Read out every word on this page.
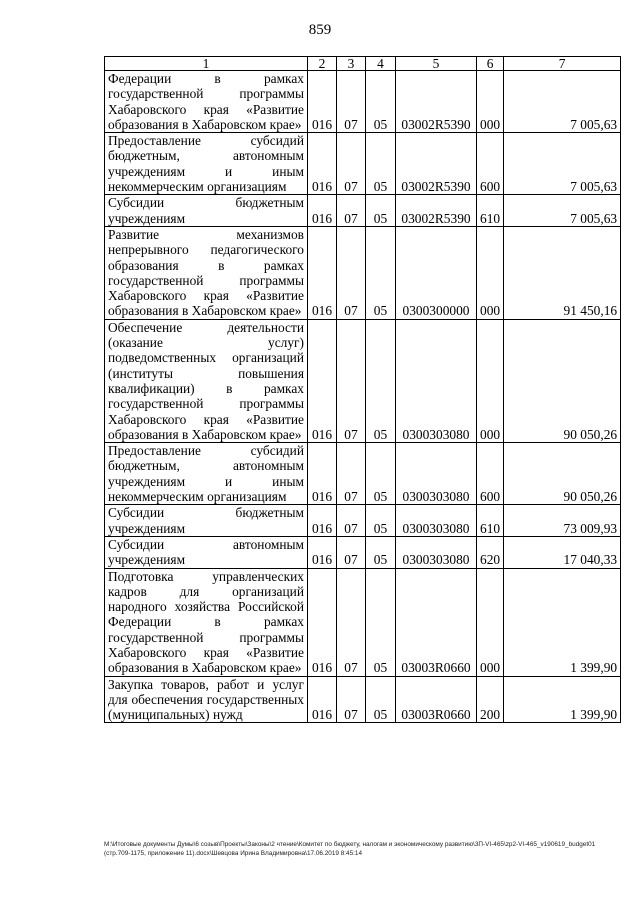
859
1	2	3	4	5	6	7
Федерации в рамках государственной программы Хабаровского края «Развитие образования в Хабаровском крае»	016	07	05	03002R5390	000	7 005,63
Предоставление субсидий бюджетным, автономным учреждениям и иным некоммерческим организациям	016	07	05	03002R5390	600	7 005,63
Субсидии бюджетным учреждениям	016	07	05	03002R5390	610	7 005,63
Развитие механизмов непрерывного педагогического образования в рамках государственной программы Хабаровского края «Развитие образования в Хабаровском крае»	016	07	05	0300300000	000	91 450,16
Обеспечение деятельности (оказание услуг) подведомственных организаций (институты повышения квалификации) в рамках государственной программы Хабаровского края «Развитие образования в Хабаровском крае»	016	07	05	0300303080	000	90 050,26
Предоставление субсидий бюджетным, автономным учреждениям и иным некоммерческим организациям	016	07	05	0300303080	600	90 050,26
Субсидии бюджетным учреждениям	016	07	05	0300303080	610	73 009,93
Субсидии автономным учреждениям	016	07	05	0300303080	620	17 040,33
Подготовка управленческих кадров для организаций народного хозяйства Российской Федерации в рамках государственной программы Хабаровского края «Развитие образования в Хабаровском крае»	016	07	05	03003R0660	000	1 399,90
Закупка товаров, работ и услуг для обеспечения государственных (муниципальных) нужд	016	07	05	03003R0660	200	1 399,90
M:\Итоговые документы Думы\6 созыв\Проекты\Законы\2 чтение\Комитет по бюджету, налогам и экономическому развитию\3П-VI-465\zp2-VI-465_v190619_budget01 (стр.709-1175, приложение 11).docx\Шевцова Ирина Владимировна\17.06.2019 8:45:14
